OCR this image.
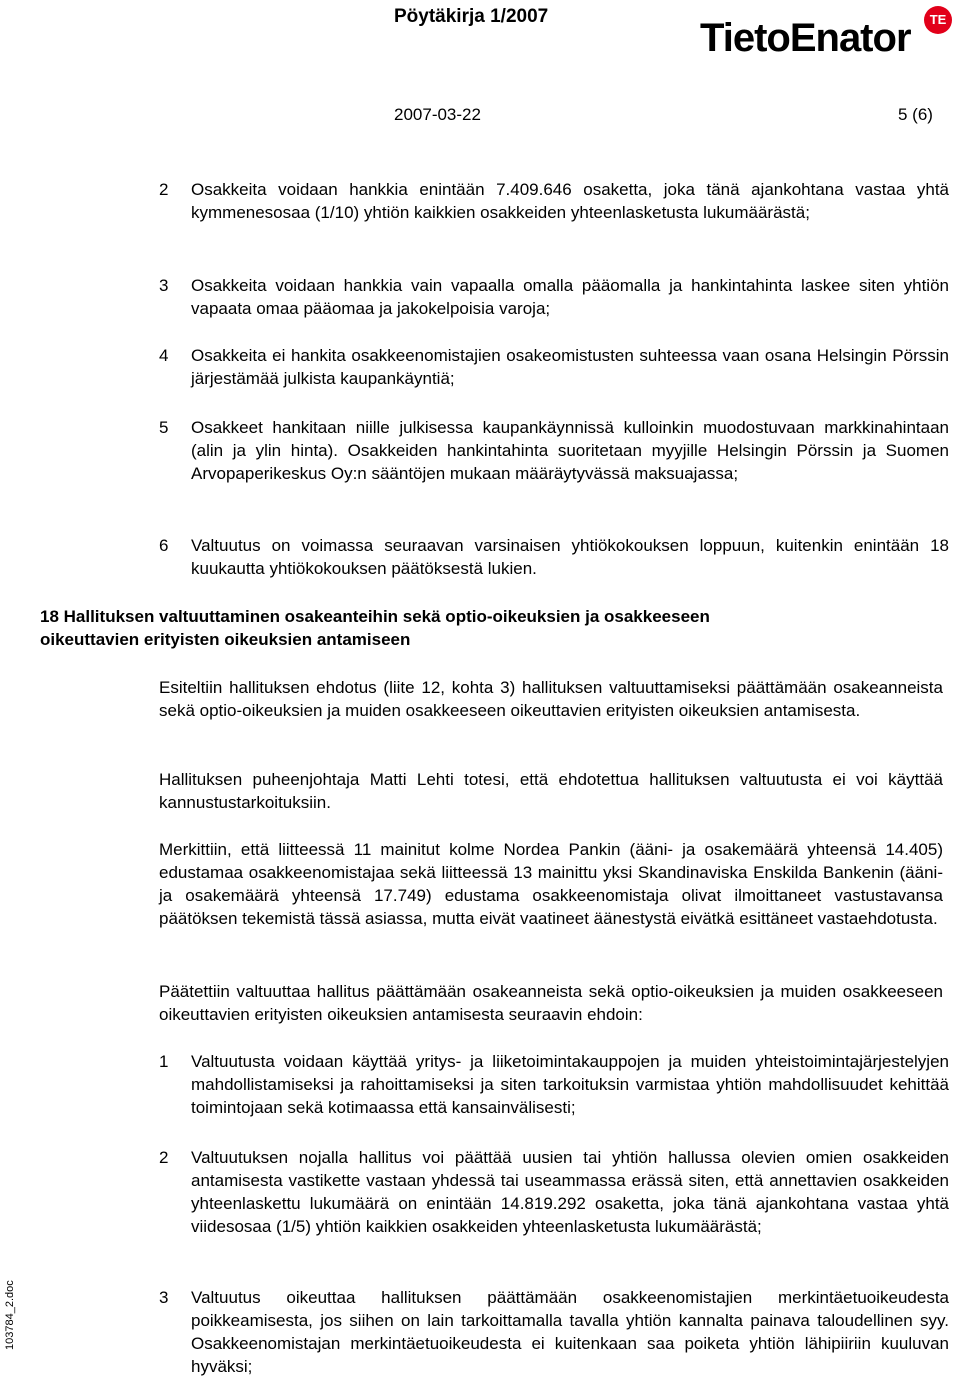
Pöytäkirja 1/2007	TietoEnator	TE
2007-03-22	5 (6)
103784_2.doc
2	Osakkeita voidaan hankkia enintään 7.409.646 osaketta, joka tänä ajankohtana vastaa yhtä kymmenesosaa (1/10) yhtiön kaikkien osakkeiden yhteenlasketusta lukumäärästä;
3	Osakkeita voidaan hankkia vain vapaalla omalla pääomalla ja hankintahinta laskee siten yhtiön vapaata omaa pääomaa ja jakokelpoisia varoja;
4	Osakkeita ei hankita osakkeenomistajien osakeomistusten suhteessa vaan osana Helsingin Pörssin järjestämää julkista kaupankäyntiä;
5	Osakkeet hankitaan niille julkisessa kaupankäynnissä kulloinkin muodostuvaan markkinahintaan (alin ja ylin hinta). Osakkeiden hankintahinta suoritetaan myyjille Helsingin Pörssin ja Suomen Arvopaperikeskus Oy:n sääntöjen mukaan määräytyvässä maksuajassa;
6	Valtuutus on voimassa seuraavan varsinaisen yhtiökokouksen loppuun, kuitenkin enintään 18 kuukautta yhtiökokouksen päätöksestä lukien.
18 Hallituksen valtuuttaminen osakeanteihin sekä optio-oikeuksien ja osakkeeseen oikeuttavien erityisten oikeuksien antamiseen

Esiteltiin hallituksen ehdotus (liite 12, kohta 3) hallituksen valtuuttamiseksi päättämään osakeanneista sekä optio-oikeuksien ja muiden osakkeeseen oikeuttavien erityisten oikeuksien antamisesta.

Hallituksen puheenjohtaja Matti Lehti totesi, että ehdotettua hallituksen valtuutusta ei voi käyttää kannustustarkoituksiin.

Merkittiin, että liitteessä 11 mainitut kolme Nordea Pankin (ääni- ja osakemäärä yhteensä 14.405) edustamaa osakkeenomistajaa sekä liitteessä 13 mainittu yksi Skandinaviska Enskilda Bankenin (ääni- ja osakemäärä yhteensä 17.749) edustama osakkeenomistaja olivat ilmoittaneet vastustavansa päätöksen tekemistä tässä asiassa, mutta eivät vaatineet äänestystä eivätkä esittäneet vastaehdotusta.

Päätettiin valtuuttaa hallitus päättämään osakeanneista sekä optio-oikeuksien ja muiden osakkeeseen oikeuttavien erityisten oikeuksien antamisesta seuraavin ehdoin:

1	Valtuutusta voidaan käyttää yritys- ja liiketoimintakauppojen ja muiden yhteistoimintajärjestelyjen mahdollistamiseksi ja rahoittamiseksi ja siten tarkoituksin varmistaa yhtiön mahdollisuudet kehittää toimintojaan sekä kotimaassa että kansainvälisesti;
2	Valtuutuksen nojalla hallitus voi päättää uusien tai yhtiön hallussa olevien omien osakkeiden antamisesta vastikette vastaan yhdessä tai useammassa erässä siten, että annettavien osakkeiden yhteenlaskettu lukumäärä on enintään 14.819.292 osaketta, joka tänä ajankohtana vastaa yhtä viidesosaa (1/5) yhtiön kaikkien osakkeiden yhteenlasketusta lukumäärästä;
3	Valtuutus oikeuttaa hallituksen päättämään osakkeenomistajien merkintäetuoikeudesta poikkeamisesta, jos siihen on lain tarkoittamalla tavalla yhtiön kannalta painava taloudellinen syy. Osakkeenomistajan merkintäetuoikeudesta ei kuitenkaan saa poiketa yhtiön lähipiiriin kuuluvan hyväksi;
